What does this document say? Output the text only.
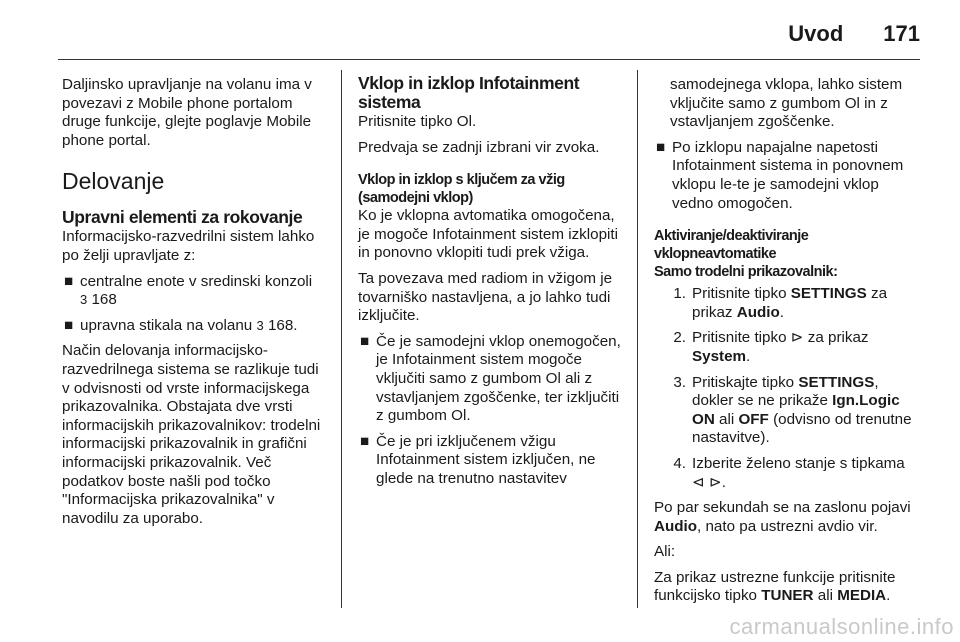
Uvod 171

Daljinsko upravljanje na volanu ima v povezavi z Mobile phone portalom druge funkcije, glejte poglavje Mobile phone portal.

Delovanje
Upravni elementi za rokovanje

Informacijsko-razvedrilni sistem lahko po želji upravljate z:

■ centralne enote v sredinski konzoli
3 168
■ upravna stikala na volanu 3 168.

Način delovanja informacijsko-razvedrilnega sistema se razlikuje tudi v odvisnosti od vrste informacijskega prikazovalnika. Obstajata dve vrsti informacijskih prikazovalnikov: trodelni informacijski prikazovalnik in grafični informacijski prikazovalnik. Več podatkov boste našli pod točko "Informacijska prikazovalnika" v navodilu za uporabo.

Vklop in izklop Infotainment sistema

Pritisnite tipko Ol.

Predvaja se zadnji izbrani vir zvoka.

Vklop in izklop s ključem za vžig (samodejni vklop)

Ko je vklopna avtomatika omogočena, je mogoče Infotainment sistem izklopiti in ponovno vklopiti tudi prek vžiga.

Ta povezava med radiom in vžigom je tovarniško nastavljena, a jo lahko tudi izključite.

■ Če je samodejni vklop onemogočen, je Infotainment sistem mogoče vključiti samo z gumbom Ol ali z vstavljanjem zgoščenke, ter izključiti z gumbom Ol.
■ Če je pri izključenem vžigu Infotainment sistem izključen, ne glede na trenutno nastavitev

samodejnega vklopa, lahko sistem vključite samo z gumbom Ol in z vstavljanjem zgoščenke.

■ Po izklopu napajalne napetosti Infotainment sistema in ponovnem vklopu le-te je samodejni vklop vedno omogočen.
Aktiviranje/deaktiviranje vklopneavtomatike
Samo trodelni prikazovalnik:
1. Pritisnite tipko SETTINGS za prikaz Audio.
2. Pritisnite tipko ⊳ za prikaz System.
3. Pritiskajte tipko SETTINGS, dokler se ne prikaže Ign.Logic ON ali OFF (odvisno od trenutne nastavitve).
4. Izberite želeno stanje s tipkama
⊲ ⊳.

Po par sekundah se na zaslonu pojavi Audio, nato pa ustrezni avdio vir.

Ali:

Za prikaz ustrezne funkcije pritisnite funkcijsko tipko TUNER ali MEDIA.

carmanualsonline.info
